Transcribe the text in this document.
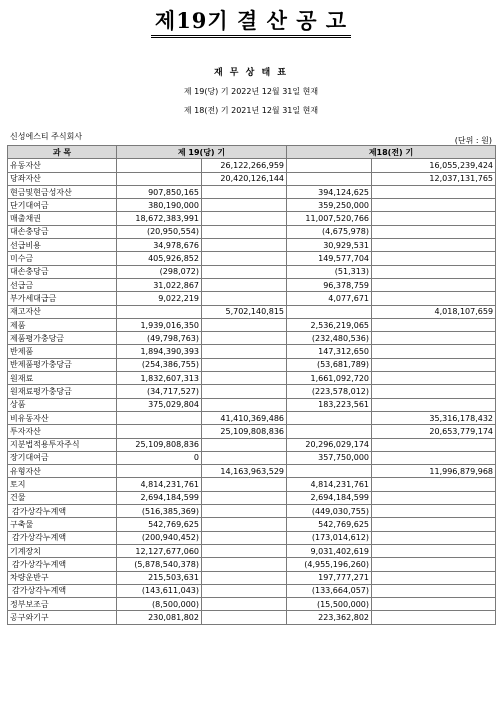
제19기 결 산 공 고
재 무 상 태 표
제 19(당) 기 2022년 12월 31일 현재
제 18(전) 기 2021년 12월 31일 현재
신성에스티 주식회사	(단위 : 원)
과 목	제 19(당) 기		제18(전) 기	
유동자산		26,122,266,959		16,055,239,424
당좌자산		20,420,126,144		12,037,131,765
현금및현금성자산	907,850,165		394,124,625	
단기대여금	380,190,000		359,250,000	
매출채권	18,672,383,991		11,007,520,766	
대손충당금	(20,950,554)		(4,675,978)	
선급비용	34,978,676		30,929,531	
미수금	405,926,852		149,577,704	
대손충당금	(298,072)		(51,313)	
선급금	31,022,867		96,378,759	
부가세대급금	9,022,219		4,077,671	
재고자산		5,702,140,815		4,018,107,659
제품	1,939,016,350		2,536,219,065	
제품평가충당금	(49,798,763)		(232,480,536)	
반제품	1,894,390,393		147,312,650	
반제품평가충당금	(254,386,755)		(53,681,789)	
원재료	1,832,607,313		1,661,092,720	
원재료평가충당금	(34,717,527)		(223,578,012)	
상품	375,029,804		183,223,561	
비유동자산		41,410,369,486		35,316,178,432
투자자산		25,109,808,836		20,653,779,174
지분법적용투자주식	25,109,808,836		20,296,029,174	
장기대여금	0		357,750,000	
유형자산		14,163,963,529		11,996,879,968
토지	4,814,231,761		4,814,231,761	
건물	2,694,184,599		2,694,184,599	
감가상각누계액	(516,385,369)		(449,030,755)	
구축물	542,769,625		542,769,625	
감가상각누계액	(200,940,452)		(173,014,612)	
기계장치	12,127,677,060		9,031,402,619	
감가상각누계액	(5,878,540,378)		(4,955,196,260)	
차량운반구	215,503,631		197,777,271	
감가상각누계액	(143,611,043)		(133,664,057)	
정부보조금	(8,500,000)		(15,500,000)	
공구와기구	230,081,802		223,362,802	
